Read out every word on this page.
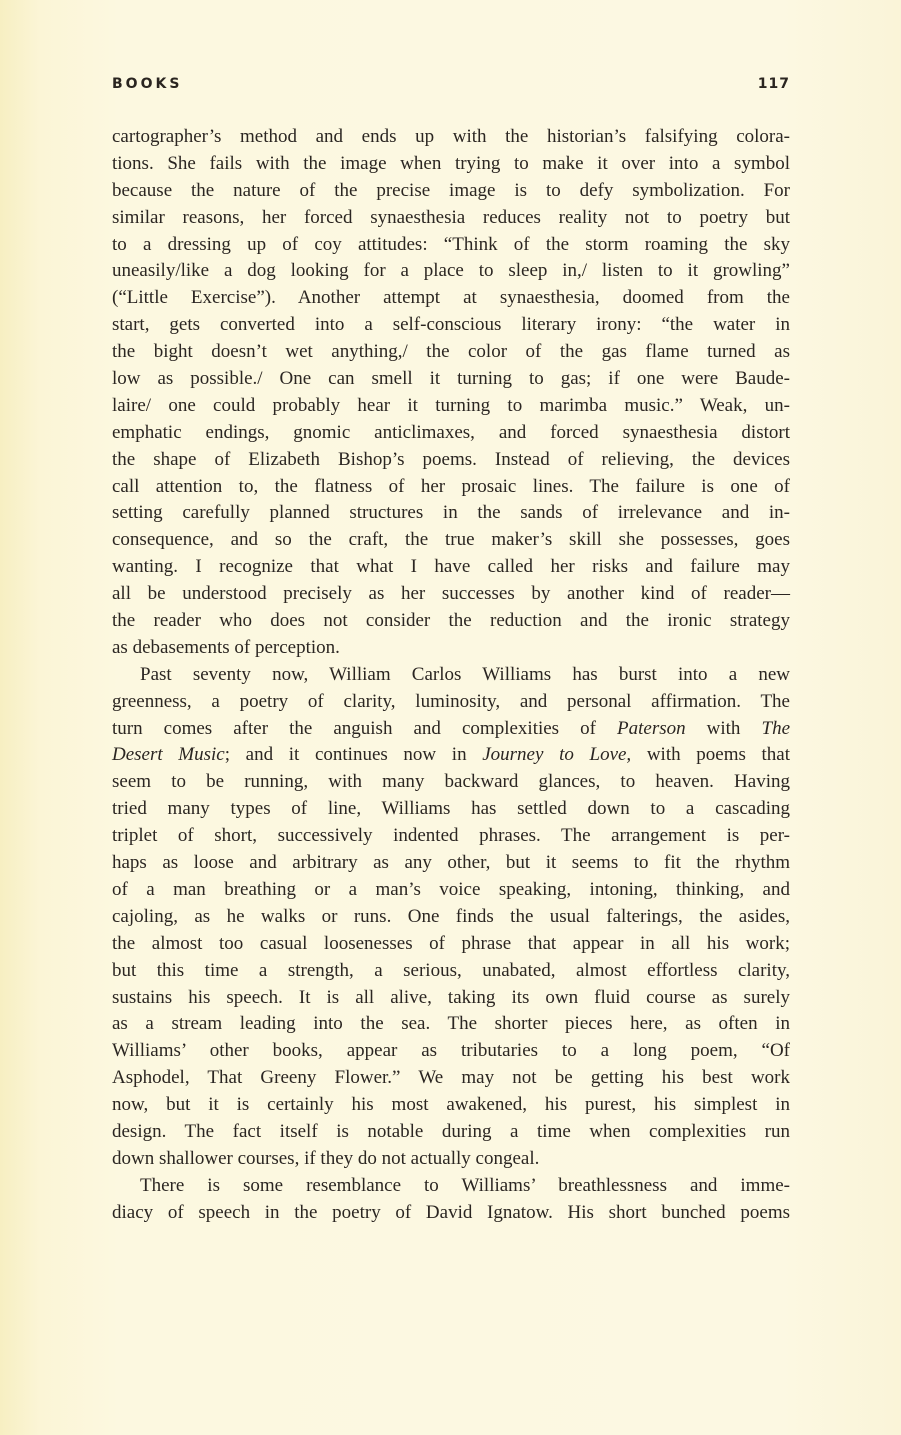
BOOKS	117
cartographer’s method and ends up with the historian’s falsifying colora-
tions. She fails with the image when trying to make it over into a symbol
because the nature of the precise image is to defy symbolization. For
similar reasons, her forced synaesthesia reduces reality not to poetry but
to a dressing up of coy attitudes: “Think of the storm roaming the sky
uneasily/like a dog looking for a place to sleep in,/ listen to it growling”
(“Little Exercise”). Another attempt at synaesthesia, doomed from the
start, gets converted into a self-conscious literary irony: “the water in
the bight doesn’t wet anything,/ the color of the gas flame turned as
low as possible./ One can smell it turning to gas; if one were Baude-
laire/ one could probably hear it turning to marimba music.” Weak, un-
emphatic endings, gnomic anticlimaxes, and forced synaesthesia distort
the shape of Elizabeth Bishop’s poems. Instead of relieving, the devices
call attention to, the flatness of her prosaic lines. The failure is one of
setting carefully planned structures in the sands of irrelevance and in-
consequence, and so the craft, the true maker’s skill she possesses, goes
wanting. I recognize that what I have called her risks and failure may
all be understood precisely as her successes by another kind of reader—
the reader who does not consider the reduction and the ironic strategy
as debasements of perception.
Past seventy now, William Carlos Williams has burst into a new
greenness, a poetry of clarity, luminosity, and personal affirmation. The
turn comes after the anguish and complexities of Paterson with The
Desert Music; and it continues now in Journey to Love, with poems that
seem to be running, with many backward glances, to heaven. Having
tried many types of line, Williams has settled down to a cascading
triplet of short, successively indented phrases. The arrangement is per-
haps as loose and arbitrary as any other, but it seems to fit the rhythm
of a man breathing or a man’s voice speaking, intoning, thinking, and
cajoling, as he walks or runs. One finds the usual falterings, the asides,
the almost too casual loosenesses of phrase that appear in all his work;
but this time a strength, a serious, unabated, almost effortless clarity,
sustains his speech. It is all alive, taking its own fluid course as surely
as a stream leading into the sea. The shorter pieces here, as often in
Williams’ other books, appear as tributaries to a long poem, “Of
Asphodel, That Greeny Flower.” We may not be getting his best work
now, but it is certainly his most awakened, his purest, his simplest in
design. The fact itself is notable during a time when complexities run
down shallower courses, if they do not actually congeal.
There is some resemblance to Williams’ breathlessness and imme-
diacy of speech in the poetry of David Ignatow. His short bunched poems
